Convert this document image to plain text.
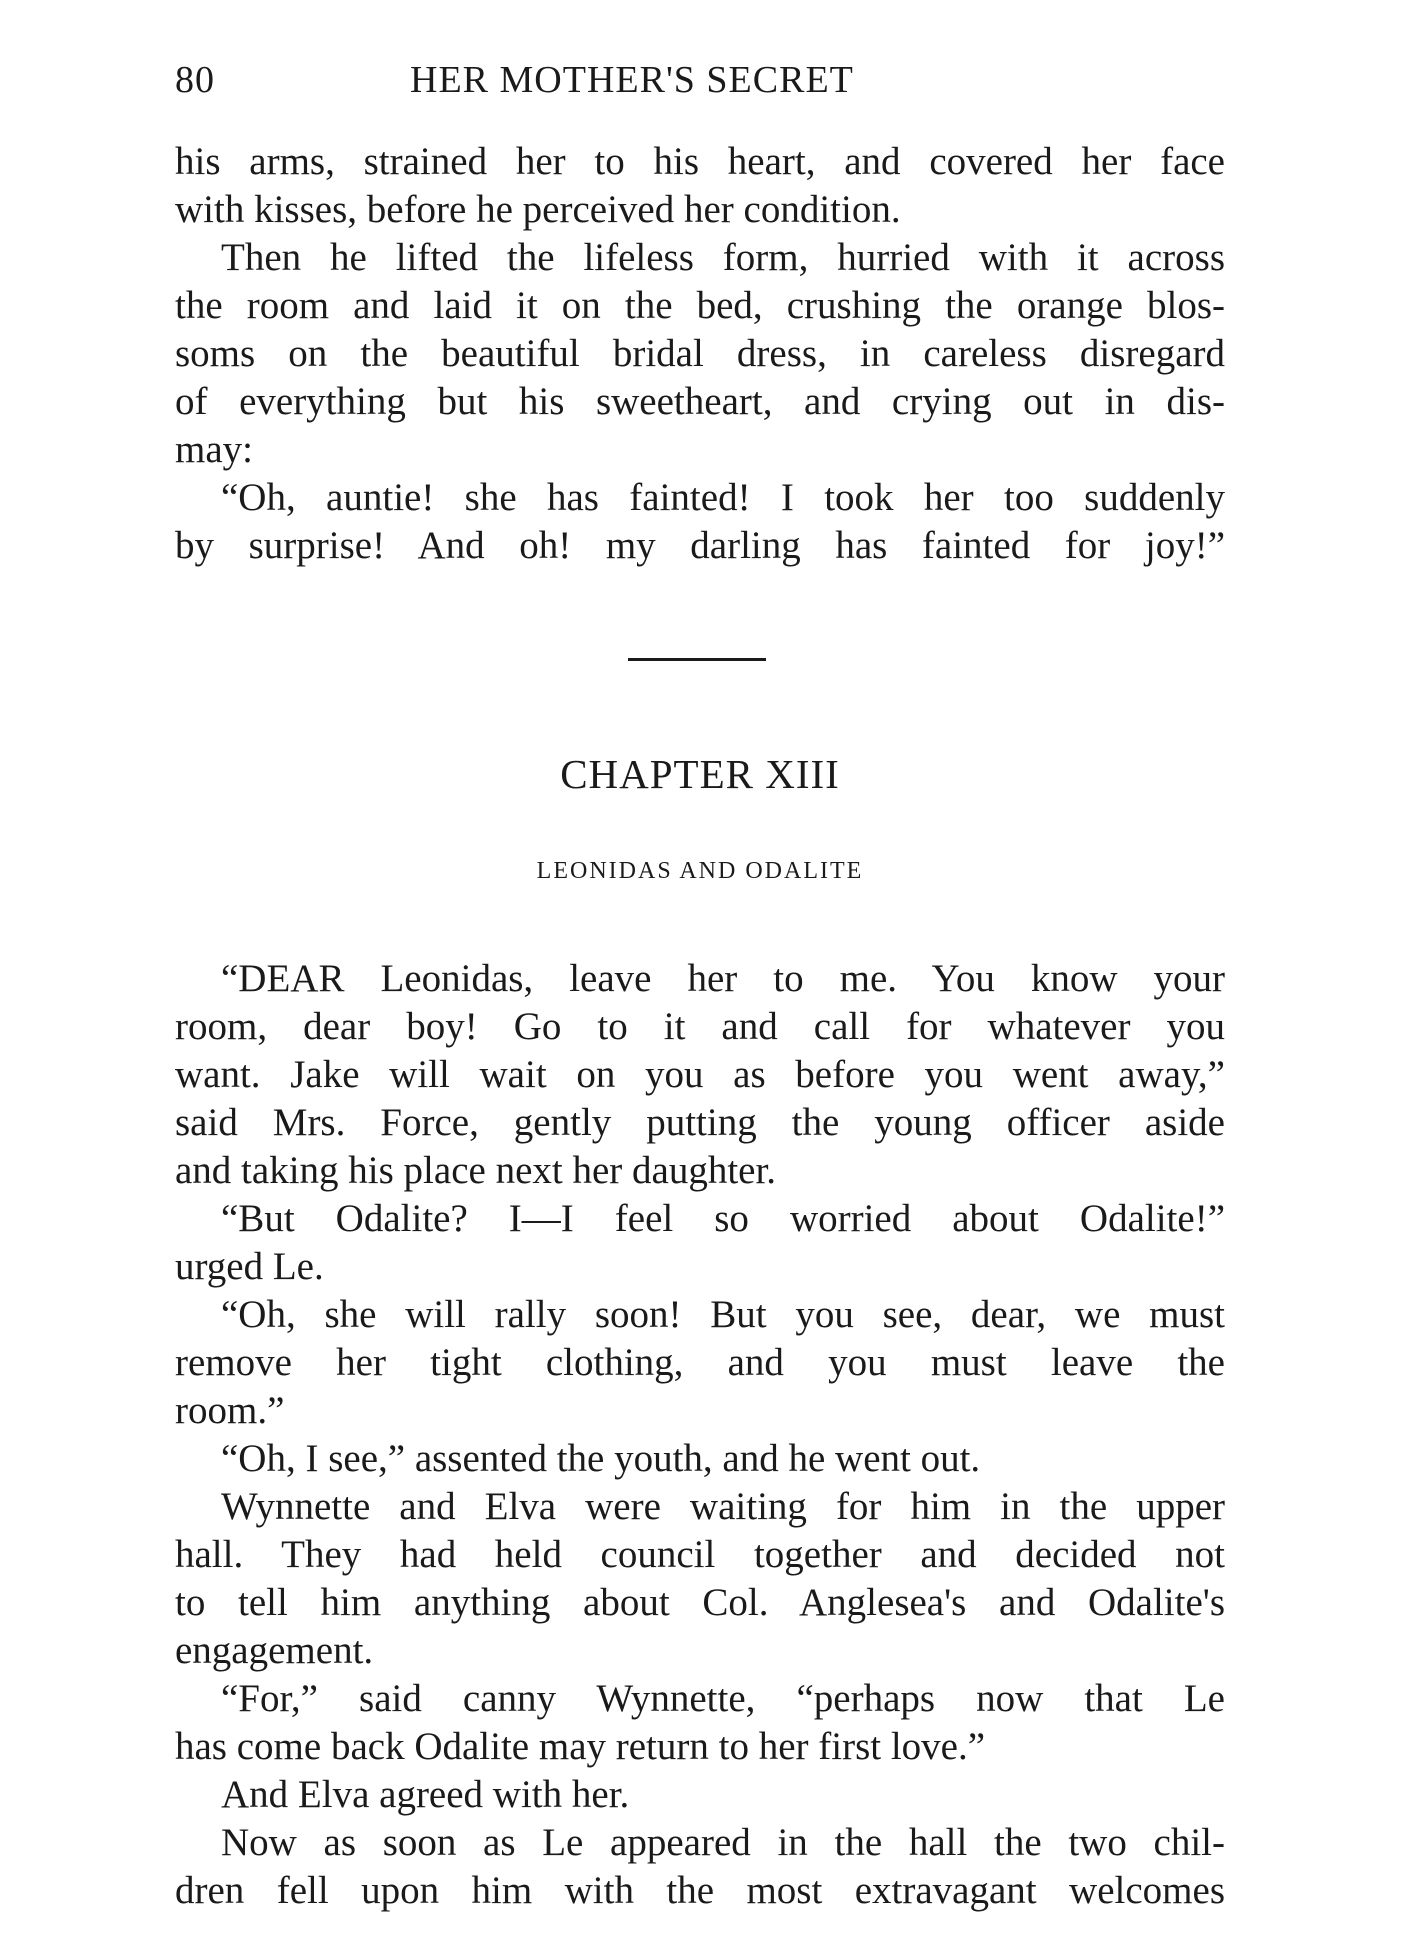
80	HER MOTHER'S SECRET
his arms, strained her to his heart, and covered her face
with kisses, before he perceived her condition.
Then he lifted the lifeless form, hurried with it across
the room and laid it on the bed, crushing the orange blos-
soms on the beautiful bridal dress, in careless disregard
of everything but his sweetheart, and crying out in dis-
may:
“Oh, auntie! she has fainted! I took her too suddenly
by surprise! And oh! my darling has fainted for joy!”
CHAPTER XIII
LEONIDAS AND ODALITE
“DEAR Leonidas, leave her to me. You know your
room, dear boy! Go to it and call for whatever you
want. Jake will wait on you as before you went away,”
said Mrs. Force, gently putting the young officer aside
and taking his place next her daughter.
“But Odalite? I—I feel so worried about Odalite!”
urged Le.
“Oh, she will rally soon! But you see, dear, we must
remove her tight clothing, and you must leave the
room.”
“Oh, I see,” assented the youth, and he went out.
Wynnette and Elva were waiting for him in the upper
hall. They had held council together and decided not
to tell him anything about Col. Anglesea's and Odalite's
engagement.
“For,” said canny Wynnette, “perhaps now that Le
has come back Odalite may return to her first love.”
And Elva agreed with her.
Now as soon as Le appeared in the hall the two chil-
dren fell upon him with the most extravagant welcomes
